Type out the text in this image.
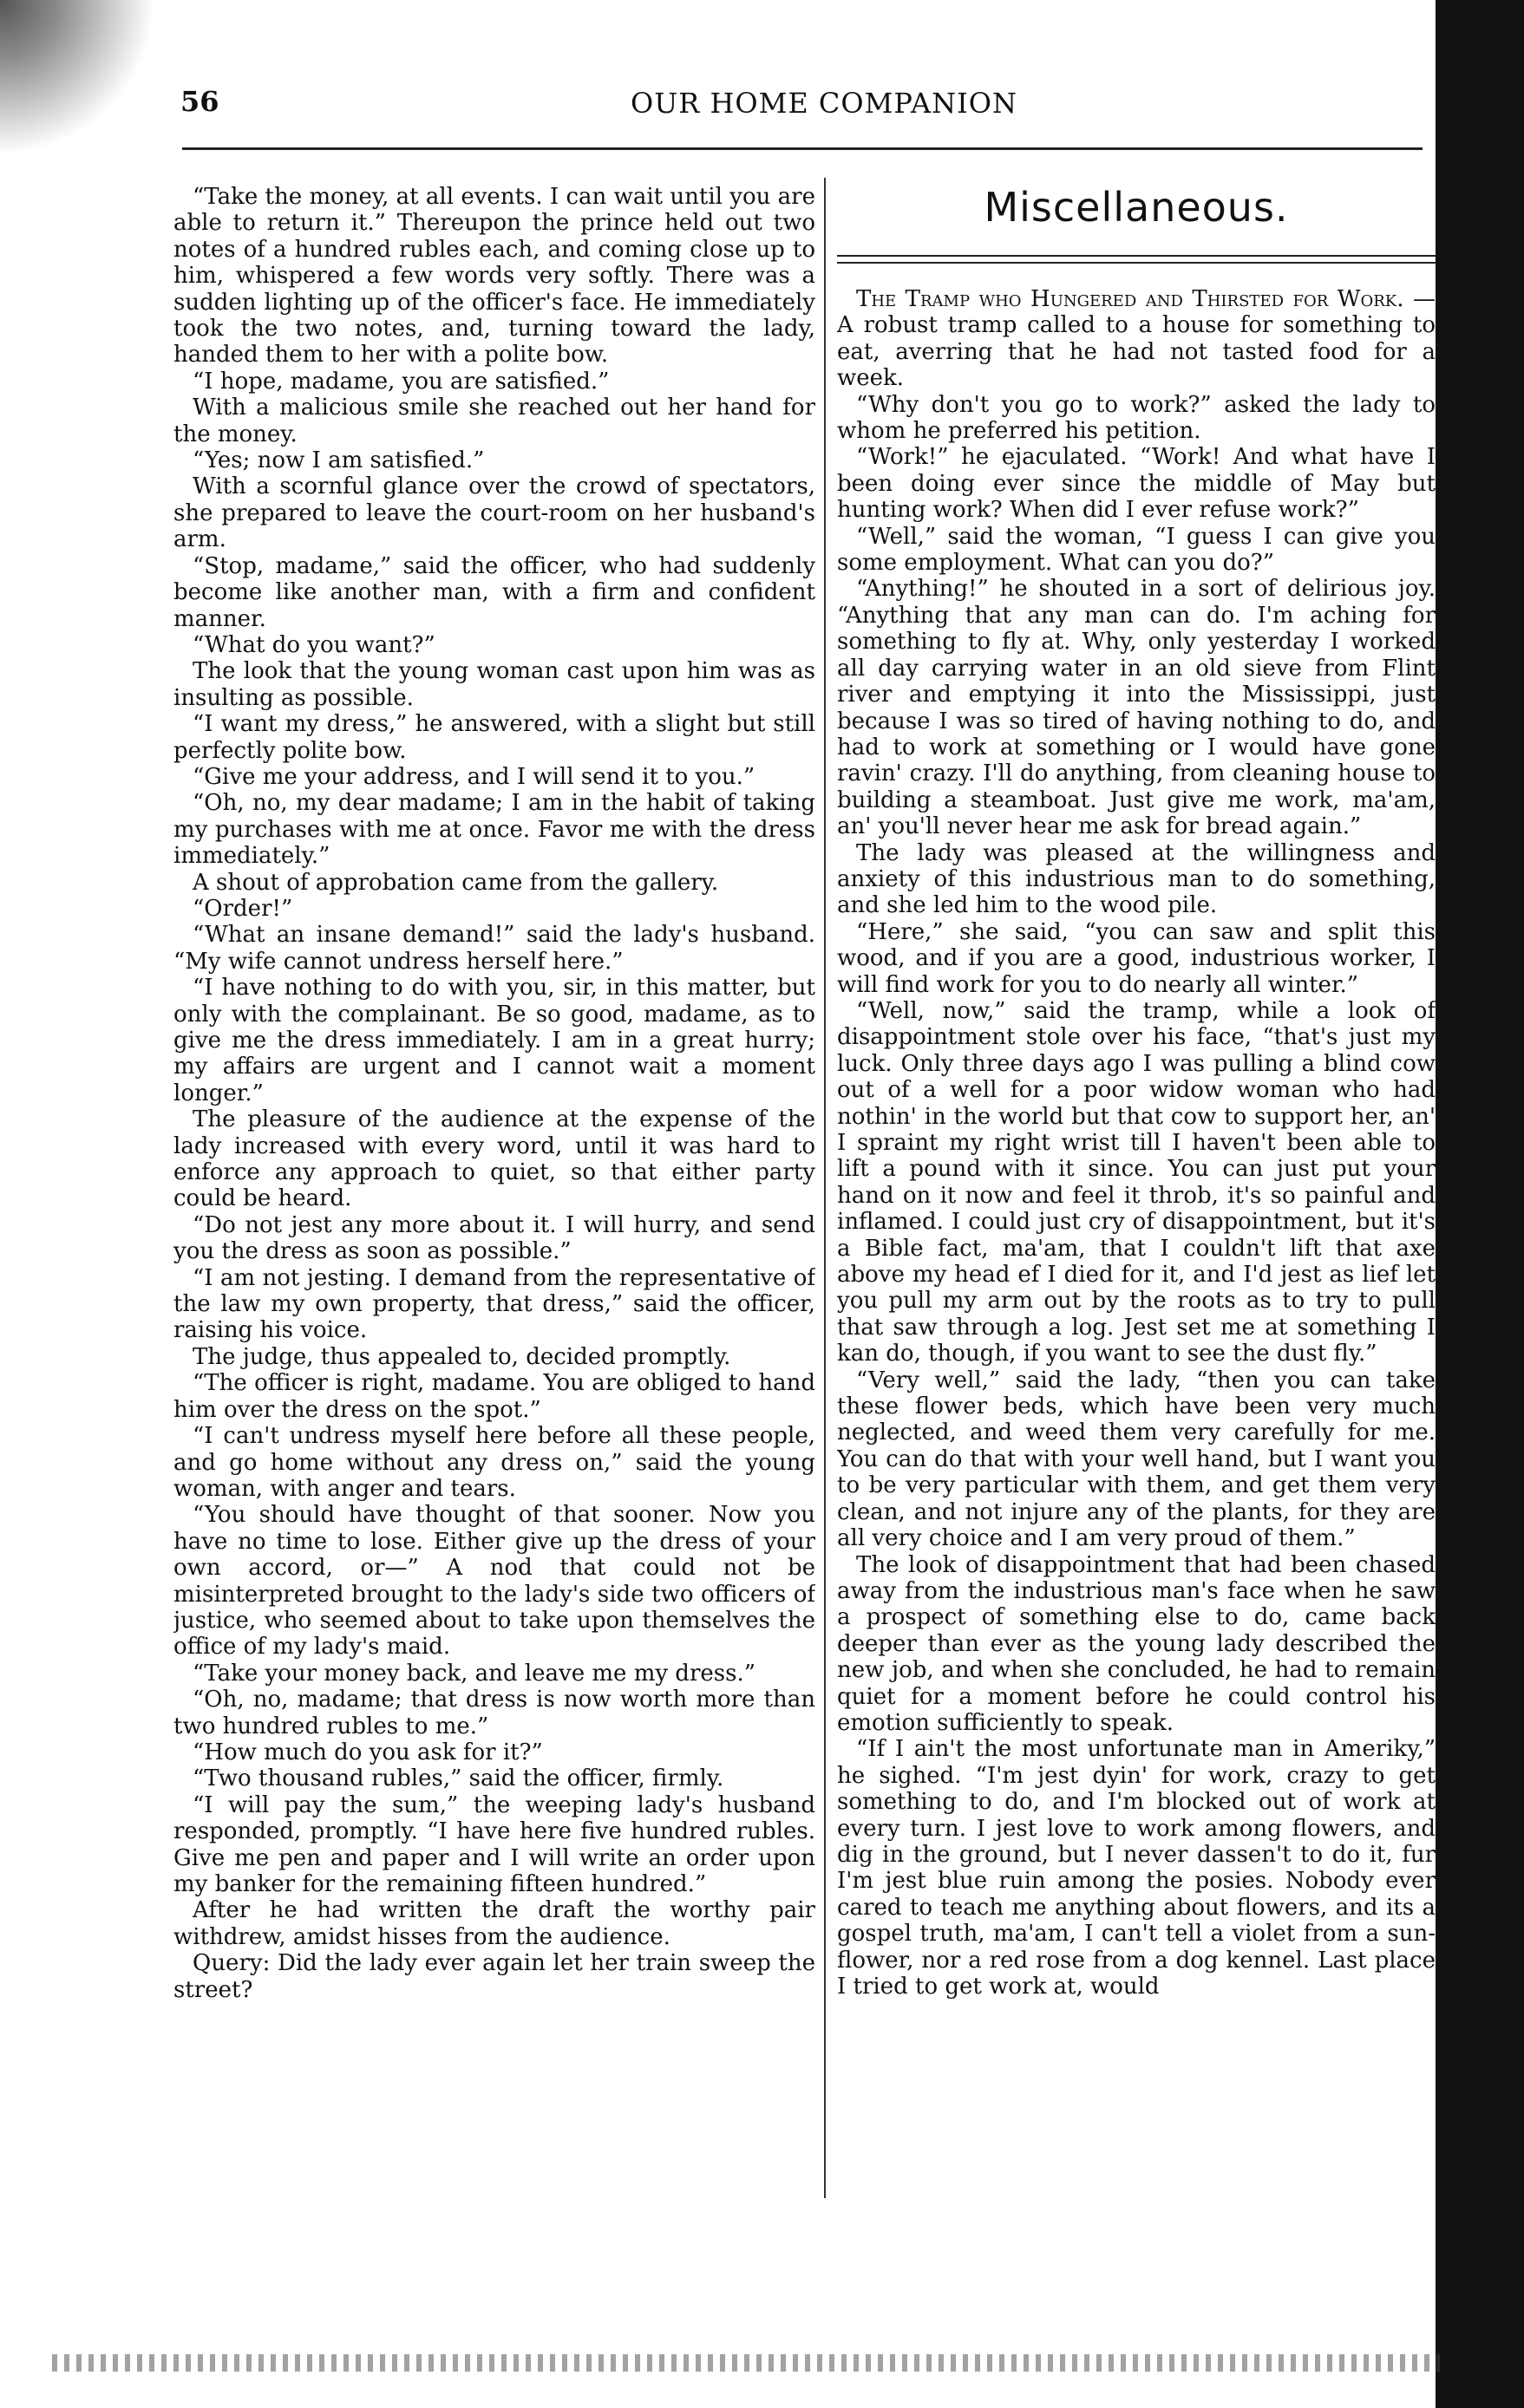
56	OUR HOME COMPANION

“Take the money, at all events. I can wait until you are able to return it.” Thereupon the prince held out two notes of a hundred rubles each, and coming close up to him, whispered a few words very softly. There was a sudden lighting up of the officer's face. He immediately took the two notes, and, turning toward the lady, handed them to her with a polite bow.

“I hope, madame, you are satisfied.”

With a malicious smile she reached out her hand for the money.

“Yes; now I am satisfied.”

With a scornful glance over the crowd of spectators, she prepared to leave the court-room on her husband's arm.

“Stop, madame,” said the officer, who had suddenly become like another man, with a firm and confident manner.

“What do you want?”

The look that the young woman cast upon him was as insulting as possible.

“I want my dress,” he answered, with a slight but still perfectly polite bow.

“Give me your address, and I will send it to you.”

“Oh, no, my dear madame; I am in the habit of taking my purchases with me at once. Favor me with the dress immediately.”

A shout of approbation came from the gallery.

“Order!”

“What an insane demand!” said the lady's husband. “My wife cannot undress herself here.”

“I have nothing to do with you, sir, in this matter, but only with the complainant. Be so good, madame, as to give me the dress immediately. I am in a great hurry; my affairs are urgent and I cannot wait a moment longer.”

The pleasure of the audience at the expense of the lady increased with every word, until it was hard to enforce any approach to quiet, so that either party could be heard.

“Do not jest any more about it. I will hurry, and send you the dress as soon as possible.”

“I am not jesting. I demand from the representative of the law my own property, that dress,” said the officer, raising his voice.

The judge, thus appealed to, decided promptly.

“The officer is right, madame. You are obliged to hand him over the dress on the spot.”

“I can't undress myself here before all these people, and go home without any dress on,” said the young woman, with anger and tears.

“You should have thought of that sooner. Now you have no time to lose. Either give up the dress of your own accord, or—” A nod that could not be misinterpreted brought to the lady's side two officers of justice, who seemed about to take upon themselves the office of my lady's maid.

“Take your money back, and leave me my dress.”

“Oh, no, madame; that dress is now worth more than two hundred rubles to me.”

“How much do you ask for it?”

“Two thousand rubles,” said the officer, firmly.

“I will pay the sum,” the weeping lady's husband responded, promptly. “I have here five hundred rubles. Give me pen and paper and I will write an order upon my banker for the remaining fifteen hundred.”

After he had written the draft the worthy pair withdrew, amidst hisses from the audience.

Query: Did the lady ever again let her train sweep the street?

Miscellaneous.

The Tramp who Hungered and Thirsted for Work. —A robust tramp called to a house for something to eat, averring that he had not tasted food for a week.

“Why don't you go to work?” asked the lady to whom he preferred his petition.

“Work!” he ejaculated. “Work! And what have I been doing ever since the middle of May but hunting work? When did I ever refuse work?”

“Well,” said the woman, “I guess I can give you some employment. What can you do?”

“Anything!” he shouted in a sort of delirious joy. “Anything that any man can do. I'm aching for something to fly at. Why, only yesterday I worked all day carrying water in an old sieve from Flint river and emptying it into the Mississippi, just because I was so tired of having nothing to do, and had to work at something or I would have gone ravin' crazy. I'll do anything, from cleaning house to building a steamboat. Just give me work, ma'am, an' you'll never hear me ask for bread again.”

The lady was pleased at the willingness and anxiety of this industrious man to do something, and she led him to the wood pile.

“Here,” she said, “you can saw and split this wood, and if you are a good, industrious worker, I will find work for you to do nearly all winter.”

“Well, now,” said the tramp, while a look of disappointment stole over his face, “that's just my luck. Only three days ago I was pulling a blind cow out of a well for a poor widow woman who had nothin' in the world but that cow to support her, an' I spraint my right wrist till I haven't been able to lift a pound with it since. You can just put your hand on it now and feel it throb, it's so painful and inflamed. I could just cry of disappointment, but it's a Bible fact, ma'am, that I couldn't lift that axe above my head ef I died for it, and I'd jest as lief let you pull my arm out by the roots as to try to pull that saw through a log. Jest set me at something I kan do, though, if you want to see the dust fly.”

“Very well,” said the lady, “then you can take these flower beds, which have been very much neglected, and weed them very carefully for me. You can do that with your well hand, but I want you to be very particular with them, and get them very clean, and not injure any of the plants, for they are all very choice and I am very proud of them.”

The look of disappointment that had been chased away from the industrious man's face when he saw a prospect of something else to do, came back deeper than ever as the young lady described the new job, and when she concluded, he had to remain quiet for a moment before he could control his emotion sufficiently to speak.

“If I ain't the most unfortunate man in Ameriky,” he sighed. “I'm jest dyin' for work, crazy to get something to do, and I'm blocked out of work at every turn. I jest love to work among flowers, and dig in the ground, but I never dassen't to do it, fur I'm jest blue ruin among the posies. Nobody ever cared to teach me anything about flowers, and its a gospel truth, ma'am, I can't tell a violet from a sun-flower, nor a red rose from a dog kennel. Last place I tried to get work at, would
